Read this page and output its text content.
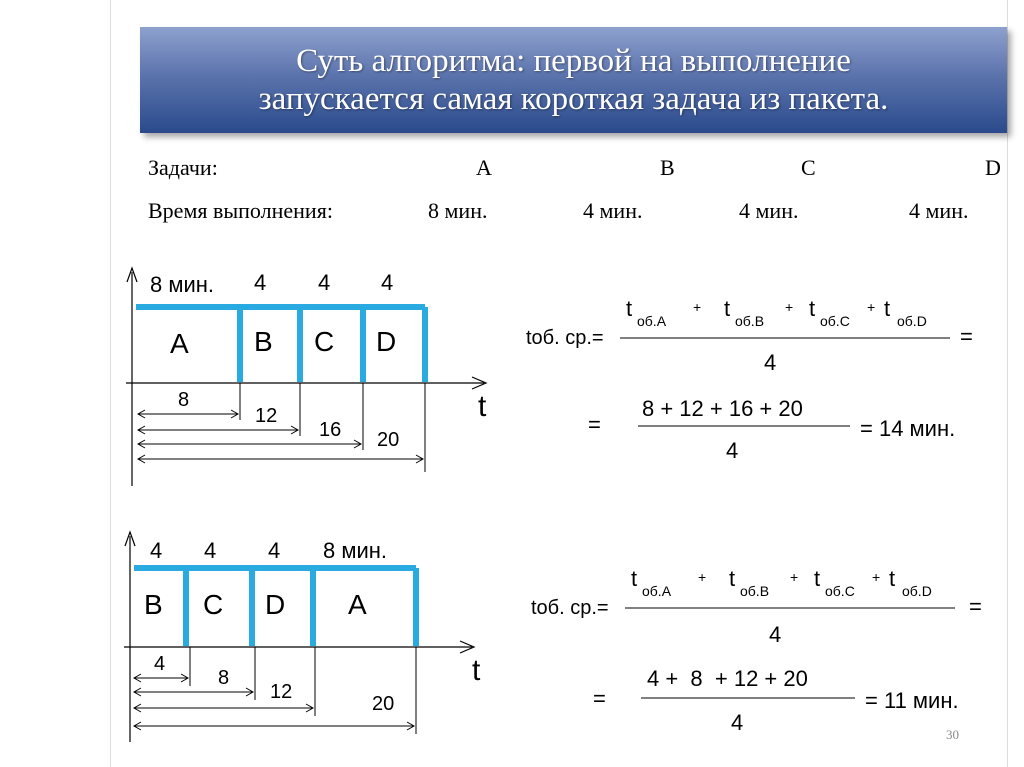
Суть алгоритма: первой на выполнение
запускается самая короткая задача из пакета.
Задачи:	A	B	C	D
Время выполнения:	8 мин.	4 мин.	4 мин.	4 мин.
t
8 мин. 4 4 4
A B C D
8
12
16 20
t
4 4 4 8 мин.
B C D A
4
8
12
20
tоб. ср.=
t об.А
+ t об.В
+ t об.С
+ t об.D
4
=
=
8 + 12 + 16 + 20
4
= 14 мин.
tоб. ср.=
t об.А
+ t об.В
+ t об.С
+ t об.D
4
=
=
4 +  8  + 12 + 20
4
= 11 мин.
30
